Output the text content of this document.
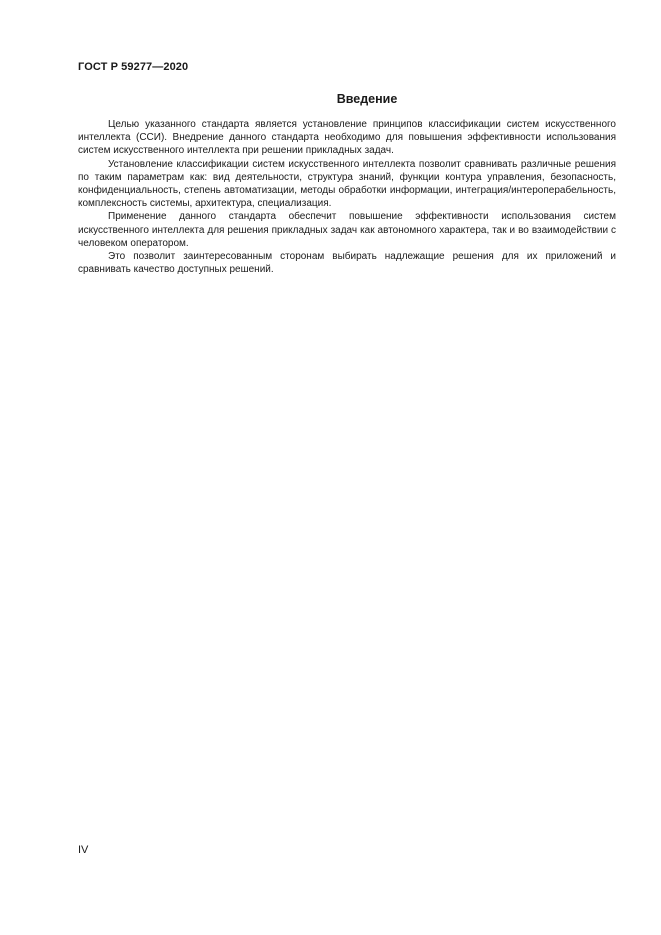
ГОСТ Р 59277—2020
Введение

Целью указанного стандарта является установление принципов классификации систем искусственного интеллекта (ССИ). Внедрение данного стандарта необходимо для повышения эффективности использования систем искусственного интеллекта при решении прикладных задач.

Установление классификации систем искусственного интеллекта позволит сравнивать различные решения по таким параметрам как: вид деятельности, структура знаний, функции контура управления, безопасность, конфиденциальность, степень автоматизации, методы обработки информации, интеграция/интероперабельность, комплексность системы, архитектура, специализация.

Применение данного стандарта обеспечит повышение эффективности использования систем искусственного интеллекта для решения прикладных задач как автономного характера, так и во взаимодействии с человеком оператором.

Это позволит заинтересованным сторонам выбирать надлежащие решения для их приложений и сравнивать качество доступных решений.

IV
